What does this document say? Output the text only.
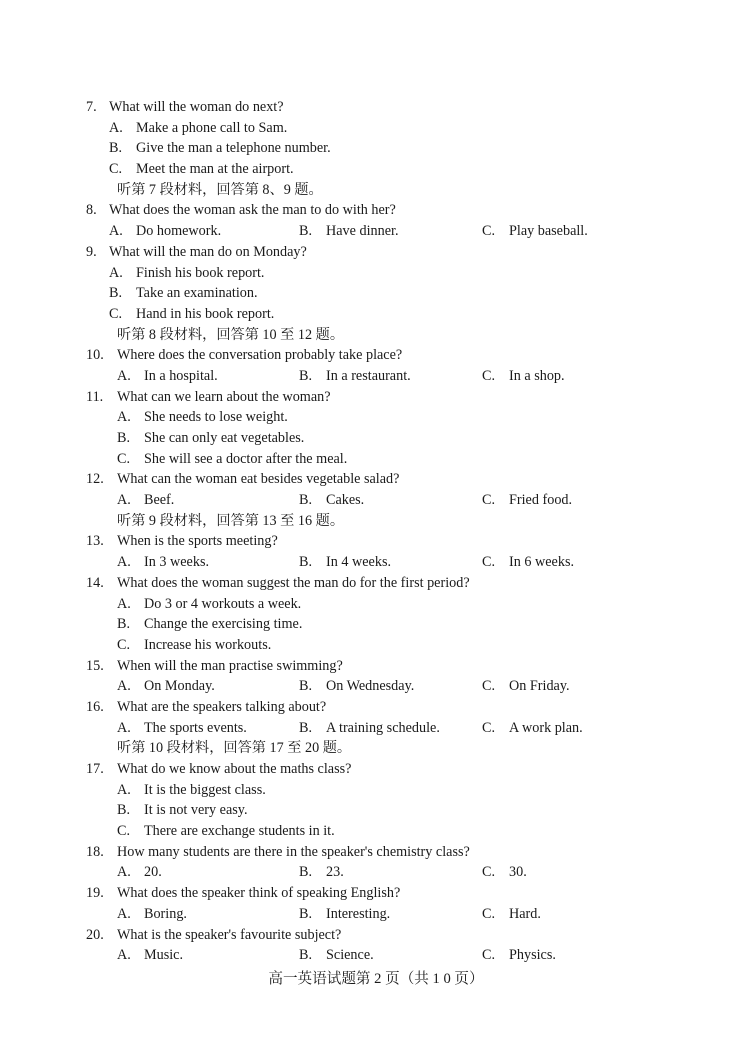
7. What will the woman do next?
A. Make a phone call to Sam.
B. Give the man a telephone number.
C. Meet the man at the airport.
听第 7 段材料，回答第 8、9 题。
8. What does the woman ask the man to do with her?
A. Do homework.	B. Have dinner.	C. Play baseball.
9. What will the man do on Monday?
A. Finish his book report.
B. Take an examination.
C. Hand in his book report.
听第 8 段材料，回答第 10 至 12 题。
10. Where does the conversation probably take place?
A. In a hospital.	B. In a restaurant.	C. In a shop.
11. What can we learn about the woman?
A. She needs to lose weight.
B. She can only eat vegetables.
C. She will see a doctor after the meal.
12. What can the woman eat besides vegetable salad?
A. Beef.	B. Cakes.	C. Fried food.
听第 9 段材料，回答第 13 至 16 题。
13. When is the sports meeting?
A. In 3 weeks.	B. In 4 weeks.	C. In 6 weeks.
14. What does the woman suggest the man do for the first period?
A. Do 3 or 4 workouts a week.
B. Change the exercising time.
C. Increase his workouts.
15. When will the man practise swimming?
A. On Monday.	B. On Wednesday.	C. On Friday.
16. What are the speakers talking about?
A. The sports events.	B. A training schedule.	C. A work plan.
听第 10 段材料，回答第 17 至 20 题。
17. What do we know about the maths class?
A. It is the biggest class.
B. It is not very easy.
C. There are exchange students in it.
18. How many students are there in the speaker's chemistry class?
A. 20.	B. 23.	C. 30.
19. What does the speaker think of speaking English?
A. Boring.	B. Interesting.	C. Hard.
20. What is the speaker's favourite subject?
A. Music.	B. Science.	C. Physics.
高一英语试题第 2 页（共 1 0 页）
